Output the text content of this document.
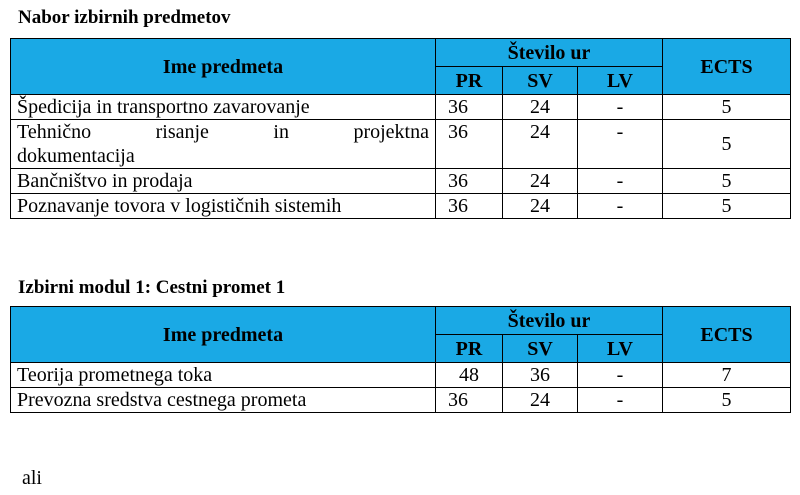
Nabor izbirnih predmetov
Ime predmeta	Število ur			ECTS
	PR	SV	LV	
Špedicija in transportno zavarovanje	36	24	-	5

Tehnično risanje in projektna
dokumentacija	36	24	-	5
Bančništvo in prodaja	36	24	-	5
Poznavanje tovora v logističnih sistemih	36	24	-	5
Izbirni modul 1: Cestni promet 1
Ime predmeta	Število ur			ECTS
	PR	SV	LV	
Teorija prometnega toka	48	36	-	7
Prevozna sredstva cestnega prometa	36	24	-	5
ali
